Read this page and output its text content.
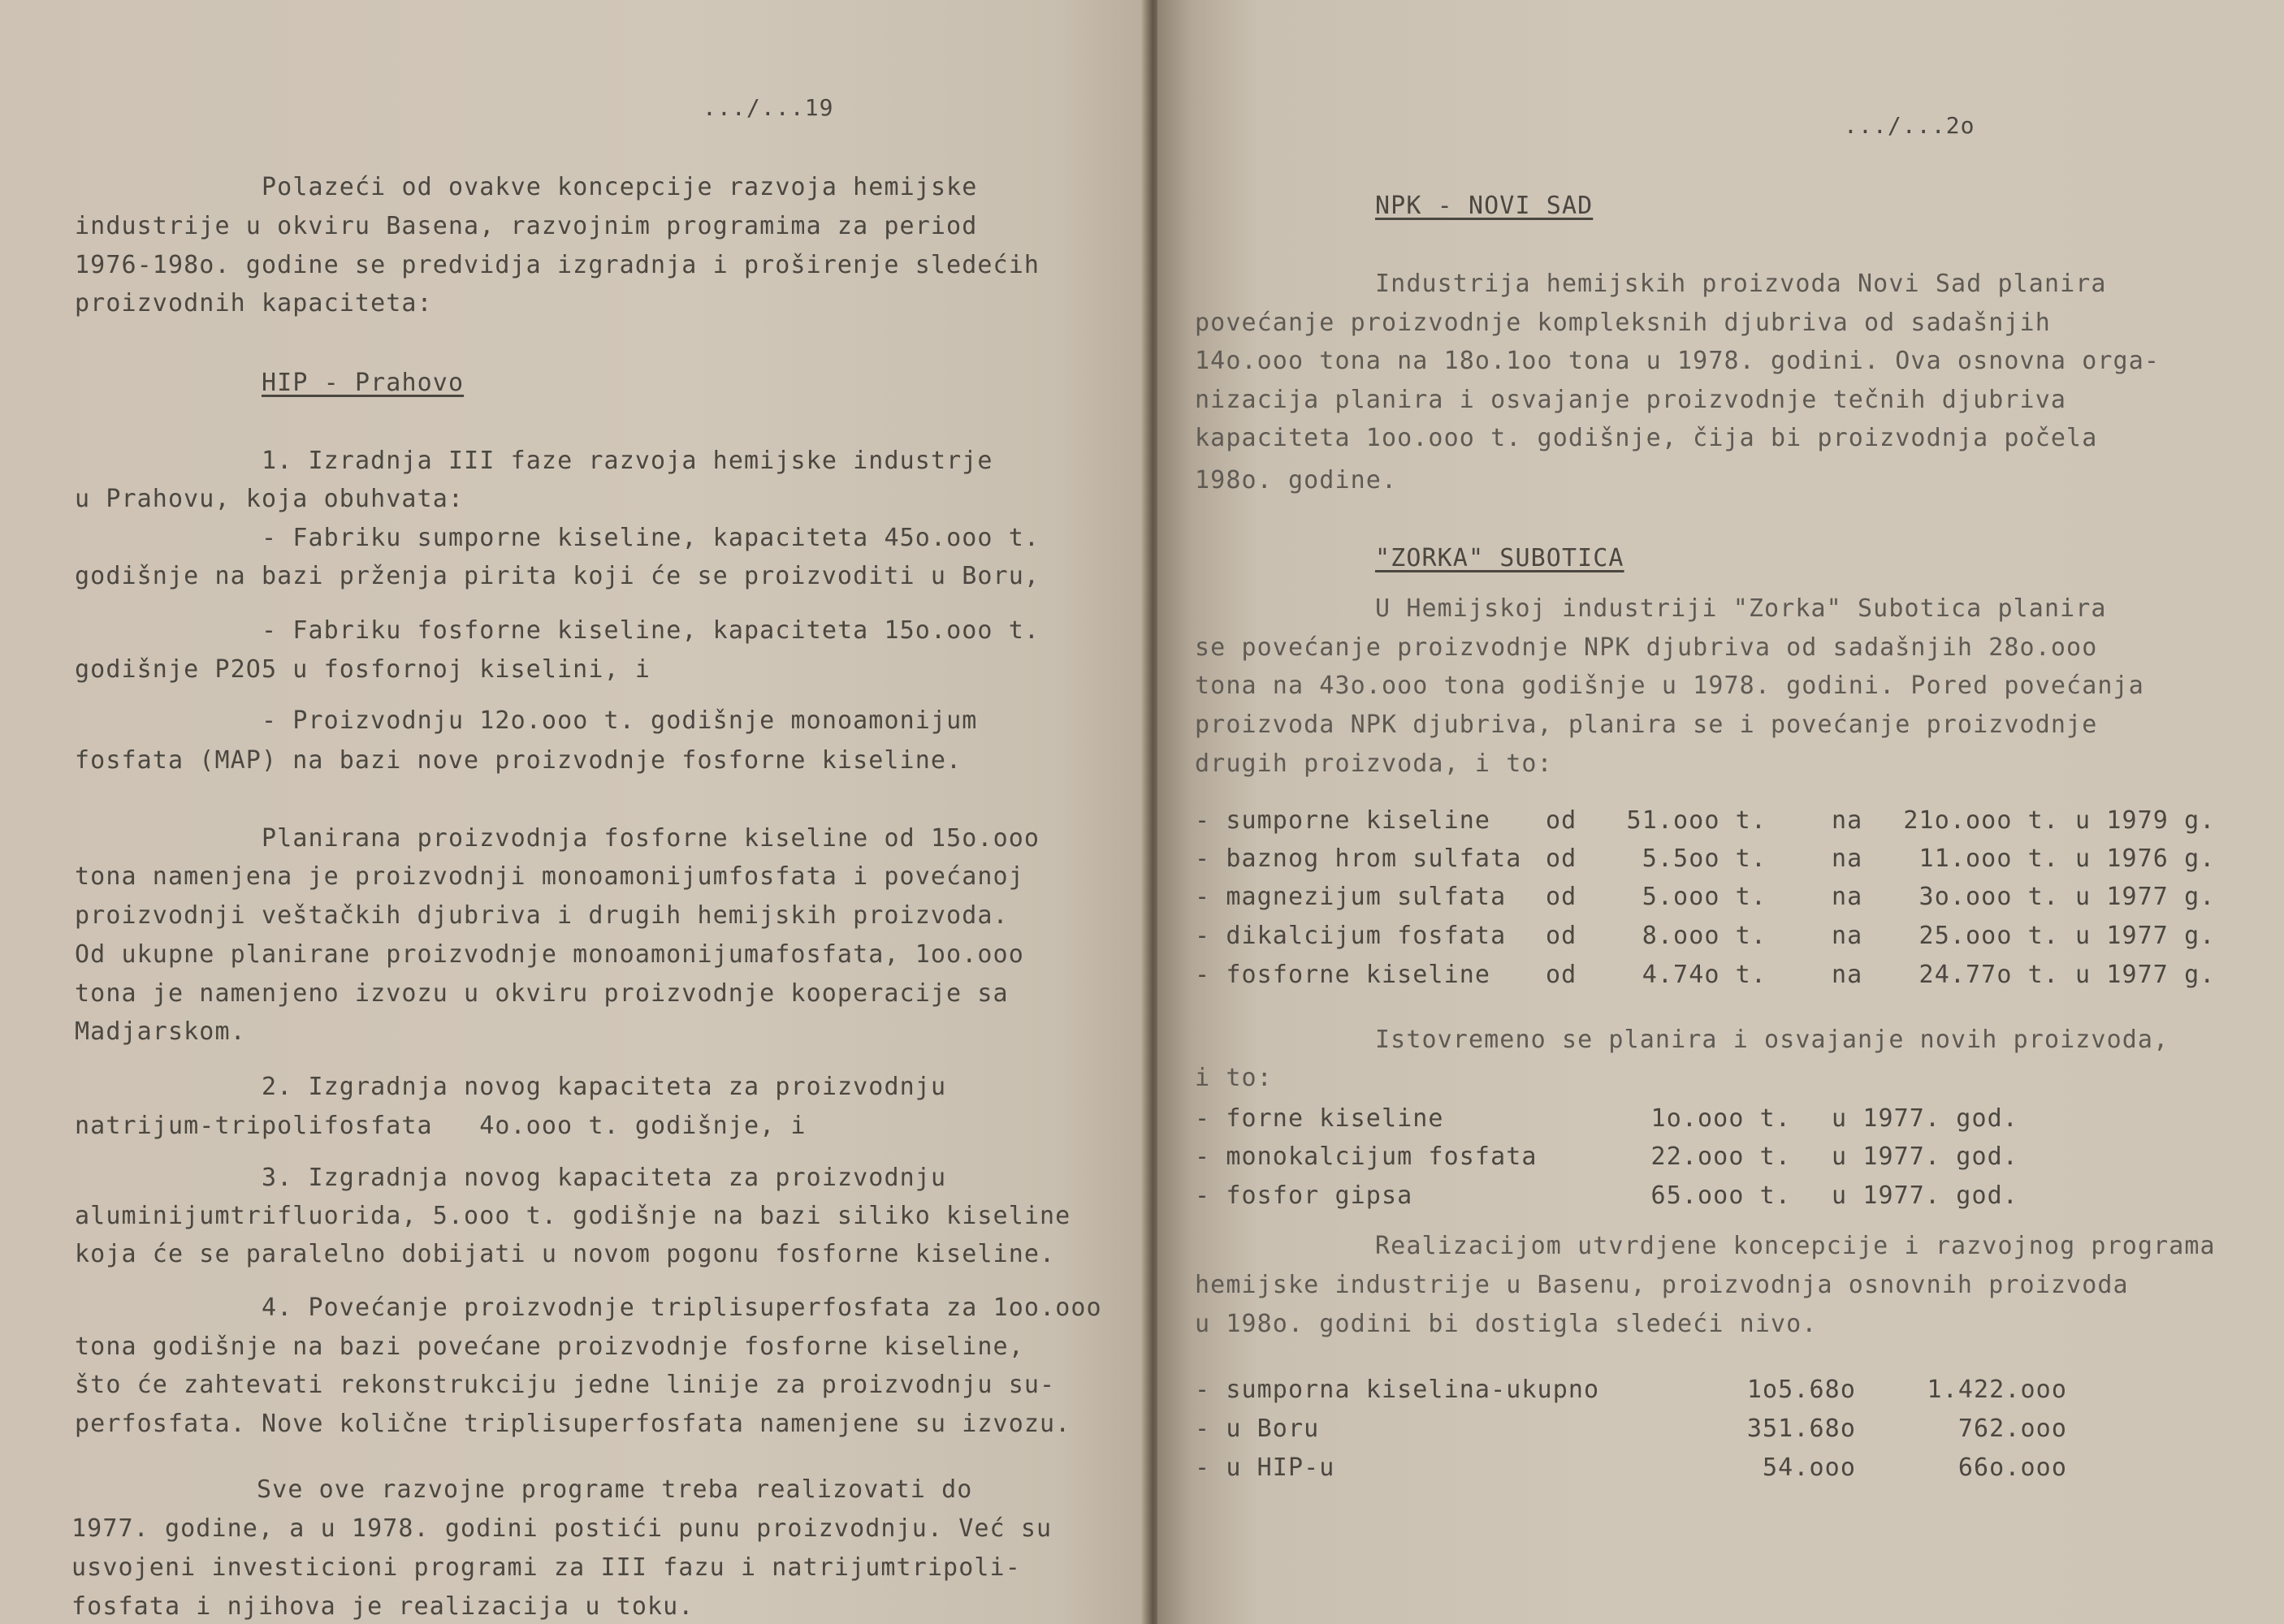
.../...19
Polazeći od ovakve koncepcije razvoja hemijske
industrije u okviru Basena, razvojnim programima za period
1976-198o. godine se predvidja izgradnja i proširenje sledećih
proizvodnih kapaciteta:
HIP - Prahovo
1. Izradnja III faze razvoja hemijske industrje
u Prahovu, koja obuhvata:
- Fabriku sumporne kiseline, kapaciteta 45o.ooo t.
godišnje na bazi prženja pirita koji će se proizvoditi u Boru,
- Fabriku fosforne kiseline, kapaciteta 15o.ooo t.
godišnje P2O5 u fosfornoj kiselini, i
- Proizvodnju 12o.ooo t. godišnje monoamonijum
fosfata (MAP) na bazi nove proizvodnje fosforne kiseline.
Planirana proizvodnja fosforne kiseline od 15o.ooo
tona namenjena je proizvodnji monoamonijumfosfata i povećanoj
proizvodnji veštačkih djubriva i drugih hemijskih proizvoda.
Od ukupne planirane proizvodnje monoamonijumafosfata, 1oo.ooo
tona je namenjeno izvozu u okviru proizvodnje kooperacije sa
Madjarskom.
2. Izgradnja novog kapaciteta za proizvodnju
natrijum-tripolifosfata   4o.ooo t. godišnje, i
3. Izgradnja novog kapaciteta za proizvodnju
aluminijumtrifluorida, 5.ooo t. godišnje na bazi siliko kiseline
koja će se paralelno dobijati u novom pogonu fosforne kiseline.
4. Povećanje proizvodnje triplisuperfosfata za 1oo.ooo
tona godišnje na bazi povećane proizvodnje fosforne kiseline,
što će zahtevati rekonstrukciju jedne linije za proizvodnju su-
perfosfata. Nove količne triplisuperfosfata namenjene su izvozu.
Sve ove razvojne programe treba realizovati do
1977. godine, a u 1978. godini postići punu proizvodnju. Već su
usvojeni investicioni programi za III fazu i natrijumtripoli-
fosfata i njihova je realizacija u toku.
.../...2o
NPK - NOVI SAD
Industrija hemijskih proizvoda Novi Sad planira
povećanje proizvodnje kompleksnih djubriva od sadašnjih
14o.ooo tona na 18o.1oo tona u 1978. godini. Ova osnovna orga-
nizacija planira i osvajanje proizvodnje tečnih djubriva
kapaciteta 1oo.ooo t. godišnje, čija bi proizvodnja počela
198o. godine.
"ZORKA" SUBOTICA
U Hemijskoj industriji "Zorka" Subotica planira
se povećanje proizvodnje NPK djubriva od sadašnjih 28o.ooo
tona na 43o.ooo tona godišnje u 1978. godini. Pored povećanja
proizvoda NPK djubriva, planira se i povećanje proizvodnje
drugih proizvoda, i to:
- sumporne kiseline od	51.ooo t.	na	21o.ooo t. u 1979 g.
- baznog hrom sulfata od	5.5oo t.	na	11.ooo t. u 1976 g.
- magnezijum sulfata od	5.ooo t.	na	3o.ooo t. u 1977 g.
- dikalcijum fosfata od	8.ooo t.	na	25.ooo t. u 1977 g.
- fosforne kiseline od	4.74o t.	na	24.77o t. u 1977 g.
Istovremeno se planira i osvajanje novih proizvoda,
i to:
- forne kiseline	1o.ooo t. u 1977. god.
- monokalcijum fosfata	22.ooo t. u 1977. god.
- fosfor gipsa	65.ooo t. u 1977. god.
Realizacijom utvrdjene koncepcije i razvojnog programa
hemijske industrije u Basenu, proizvodnja osnovnih proizvoda
u 198o. godini bi dostigla sledeći nivo.
- sumporna kiselina-ukupno	1o5.68o	1.422.ooo
- u Boru	351.68o	762.ooo
- u HIP-u	54.ooo	66o.ooo
